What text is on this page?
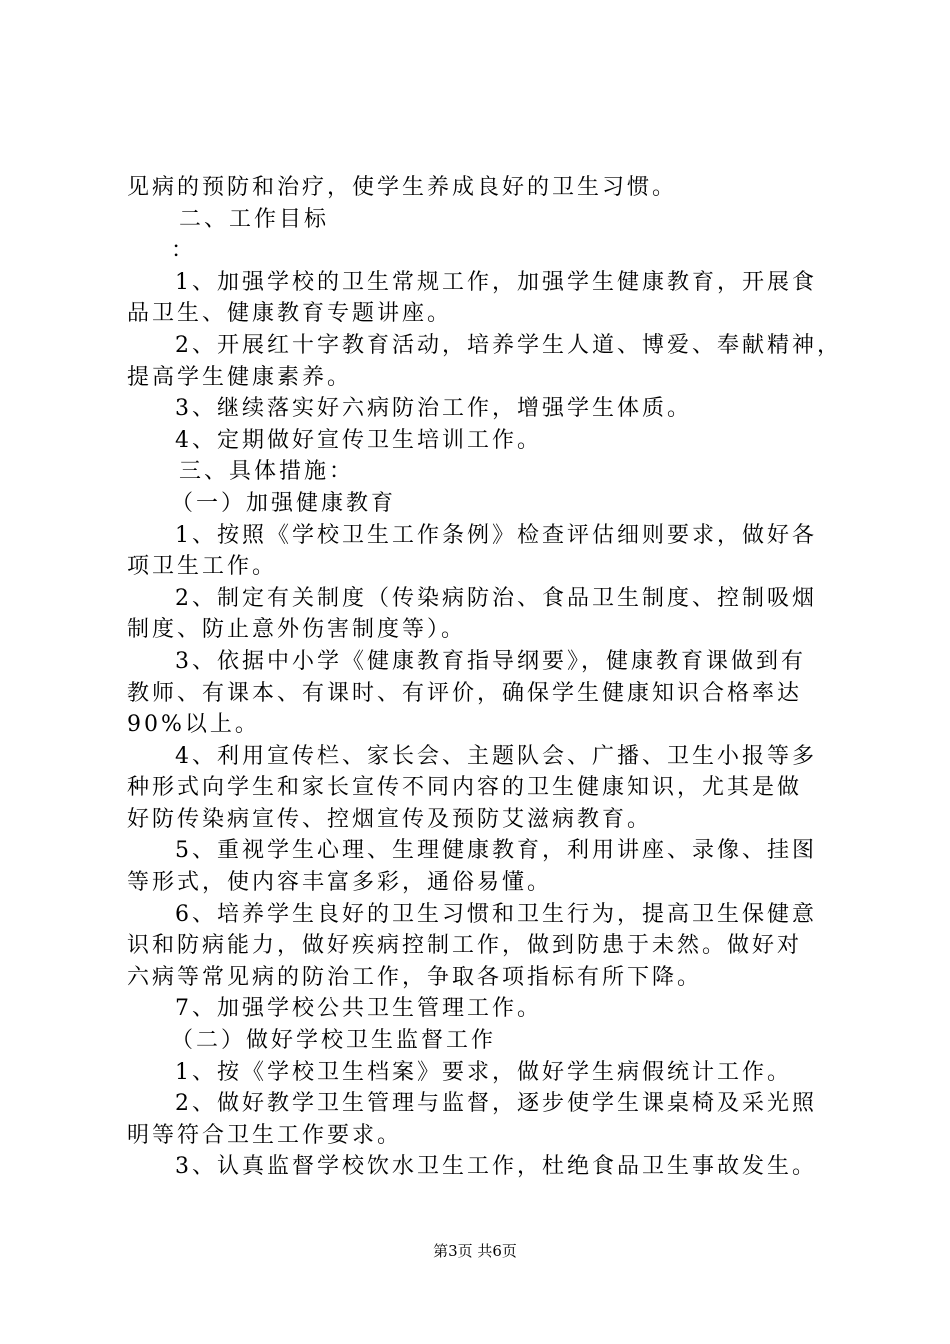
见病的预防和治疗，使学生养成良好的卫生习惯。
二、工作目标
：
1、加强学校的卫生常规工作，加强学生健康教育，开展食
品卫生、健康教育专题讲座。
2、开展红十字教育活动，培养学生人道、博爱、奉献精神，
提高学生健康素养。
3、继续落实好六病防治工作，增强学生体质。
4、定期做好宣传卫生培训工作。
三、具体措施：
（一）加强健康教育
1、按照《学校卫生工作条例》检查评估细则要求，做好各
项卫生工作。
2、制定有关制度（传染病防治、食品卫生制度、控制吸烟
制度、防止意外伤害制度等）。
3、依据中小学《健康教育指导纲要》，健康教育课做到有
教师、有课本、有课时、有评价，确保学生健康知识合格率达
90%以上。
4、利用宣传栏、家长会、主题队会、广播、卫生小报等多
种形式向学生和家长宣传不同内容的卫生健康知识，尤其是做
好防传染病宣传、控烟宣传及预防艾滋病教育。
5、重视学生心理、生理健康教育，利用讲座、录像、挂图
等形式，使内容丰富多彩，通俗易懂。
6、培养学生良好的卫生习惯和卫生行为，提高卫生保健意
识和防病能力，做好疾病控制工作，做到防患于未然。做好对
六病等常见病的防治工作，争取各项指标有所下降。
7、加强学校公共卫生管理工作。
（二）做好学校卫生监督工作
1、按《学校卫生档案》要求，做好学生病假统计工作。
2、做好教学卫生管理与监督，逐步使学生课桌椅及采光照
明等符合卫生工作要求。
3、认真监督学校饮水卫生工作，杜绝食品卫生事故发生。
第3页 共6页
